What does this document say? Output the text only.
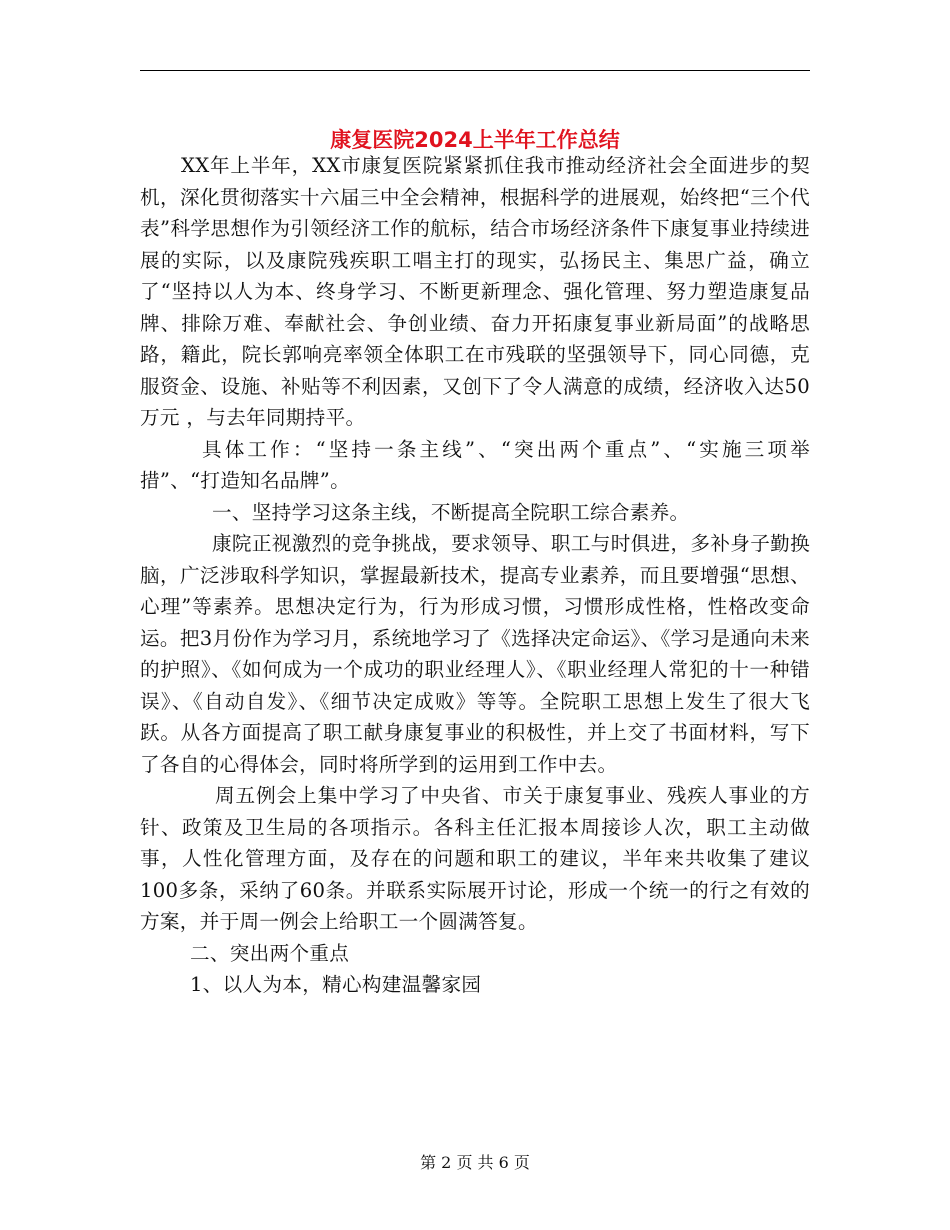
康复医院2024上半年工作总结

XX年上半年，XX市康复医院紧紧抓住我市推动经济社会全面进步的契机，深化贯彻落实十六届三中全会精神，根据科学的进展观，始终把“三个代表”科学思想作为引领经济工作的航标，结合市场经济条件下康复事业持续进展的实际，以及康院残疾职工唱主打的现实，弘扬民主、集思广益，确立了“坚持以人为本、终身学习、不断更新理念、强化管理、努力塑造康复品牌、排除万难、奉献社会、争创业绩、奋力开拓康复事业新局面”的战略思路，籍此，院长郭响亮率领全体职工在市残联的坚强领导下，同心同德，克服资金、设施、补贴等不利因素，又创下了令人满意的成绩，经济收入达50万元 ，与去年同期持平。

具体工作：“坚持一条主线”、“突出两个重点”、“实施三项举措”、“打造知名品牌”。

一、坚持学习这条主线，不断提高全院职工综合素养。

康院正视激烈的竞争挑战，要求领导、职工与时俱进，多补身子勤换脑，广泛涉取科学知识，掌握最新技术，提高专业素养，而且要增强“思想、心理”等素养。思想决定行为，行为形成习惯，习惯形成性格，性格改变命运。把3月份作为学习月，系统地学习了《选择决定命运》、《学习是通向未来的护照》、《如何成为一个成功的职业经理人》、《职业经理人常犯的十一种错误》、《自动自发》、《细节决定成败》等等。全院职工思想上发生了很大飞跃。从各方面提高了职工献身康复事业的积极性，并上交了书面材料，写下了各自的心得体会，同时将所学到的运用到工作中去。

周五例会上集中学习了中央省、市关于康复事业、残疾人事业的方针、政策及卫生局的各项指示。各科主任汇报本周接诊人次，职工主动做事，人性化管理方面，及存在的问题和职工的建议，半年来共收集了建议100多条，采纳了60条。并联系实际展开讨论，形成一个统一的行之有效的方案，并于周一例会上给职工一个圆满答复。

二、突出两个重点

1、以人为本，精心构建温馨家园

第 2 页 共 6 页
